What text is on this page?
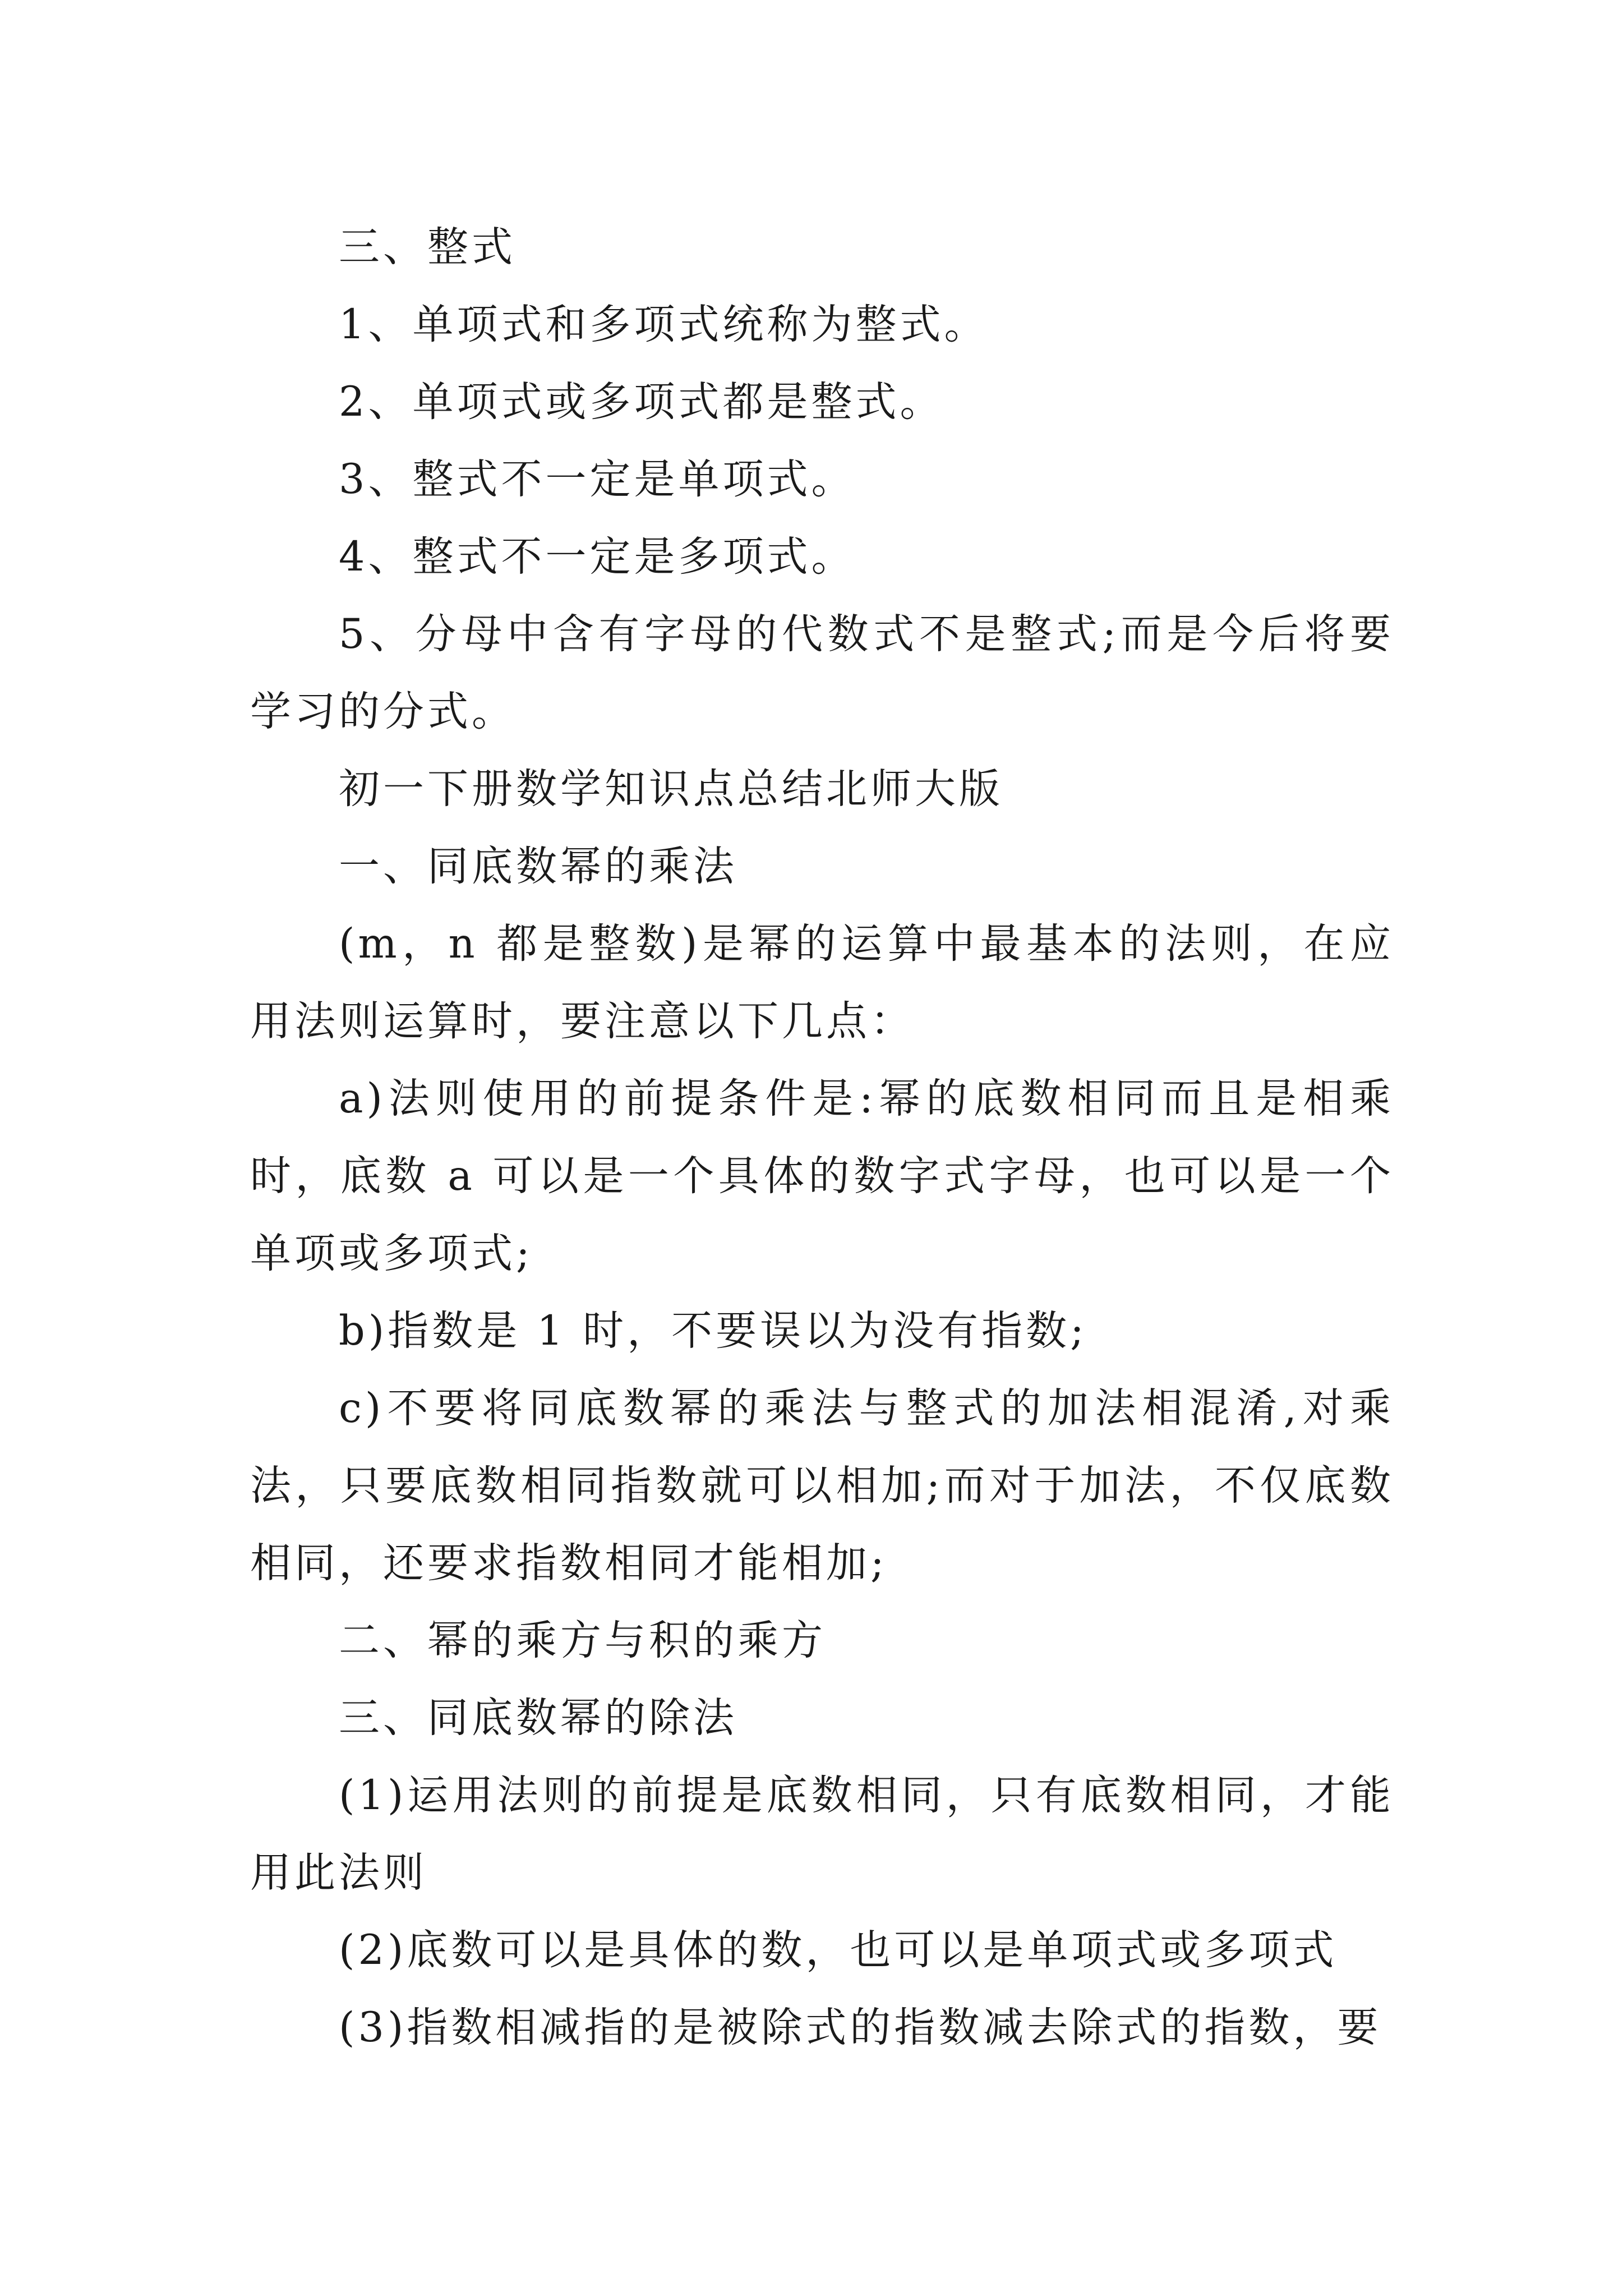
三、整式

1、单项式和多项式统称为整式。

2、单项式或多项式都是整式。

3、整式不一定是单项式。

4、整式不一定是多项式。

5、分母中含有字母的代数式不是整式;而是今后将要学习的分式。

初一下册数学知识点总结北师大版

一、同底数幂的乘法

(m，n 都是整数)是幂的运算中最基本的法则，在应用法则运算时，要注意以下几点：

a)法则使用的前提条件是:幂的底数相同而且是相乘时，底数 a 可以是一个具体的数字式字母，也可以是一个单项或多项式;

b)指数是 1 时，不要误以为没有指数;

c)不要将同底数幂的乘法与整式的加法相混淆,对乘法，只要底数相同指数就可以相加;而对于加法，不仅底数相同，还要求指数相同才能相加;

二、幂的乘方与积的乘方

三、同底数幂的除法

(1)运用法则的前提是底数相同，只有底数相同，才能用此法则

(2)底数可以是具体的数，也可以是单项式或多项式

(3)指数相减指的是被除式的指数减去除式的指数，要
